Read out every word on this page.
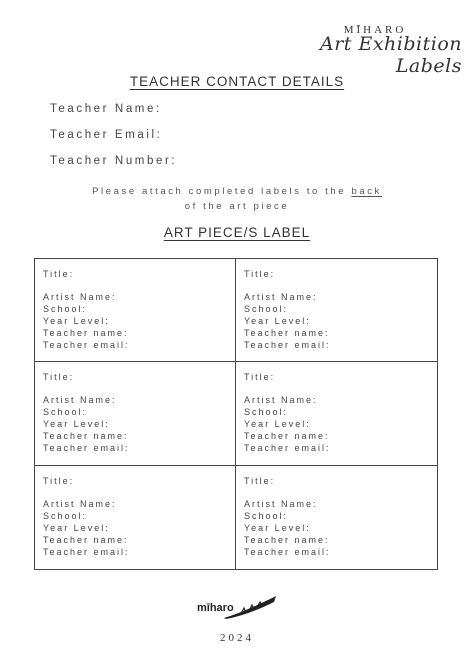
MĪHARO
Art Exhibition Labels
TEACHER CONTACT DETAILS
Teacher Name:
Teacher Email:
Teacher Number:
Please attach completed labels to the back
of the art piece
ART PIECE/S LABEL
Title:
Artist Name:
School:
Year Level:
Teacher name:
Teacher email:
Title:
Artist Name:
School:
Year Level:
Teacher name:
Teacher email:
Title:
Artist Name:
School:
Year Level:
Teacher name:
Teacher email:
Title:
Artist Name:
School:
Year Level:
Teacher name:
Teacher email:
Title:
Artist Name:
School:
Year Level:
Teacher name:
Teacher email:
Title:
Artist Name:
School:
Year Level:
Teacher name:
Teacher email:
mīharo
2024
